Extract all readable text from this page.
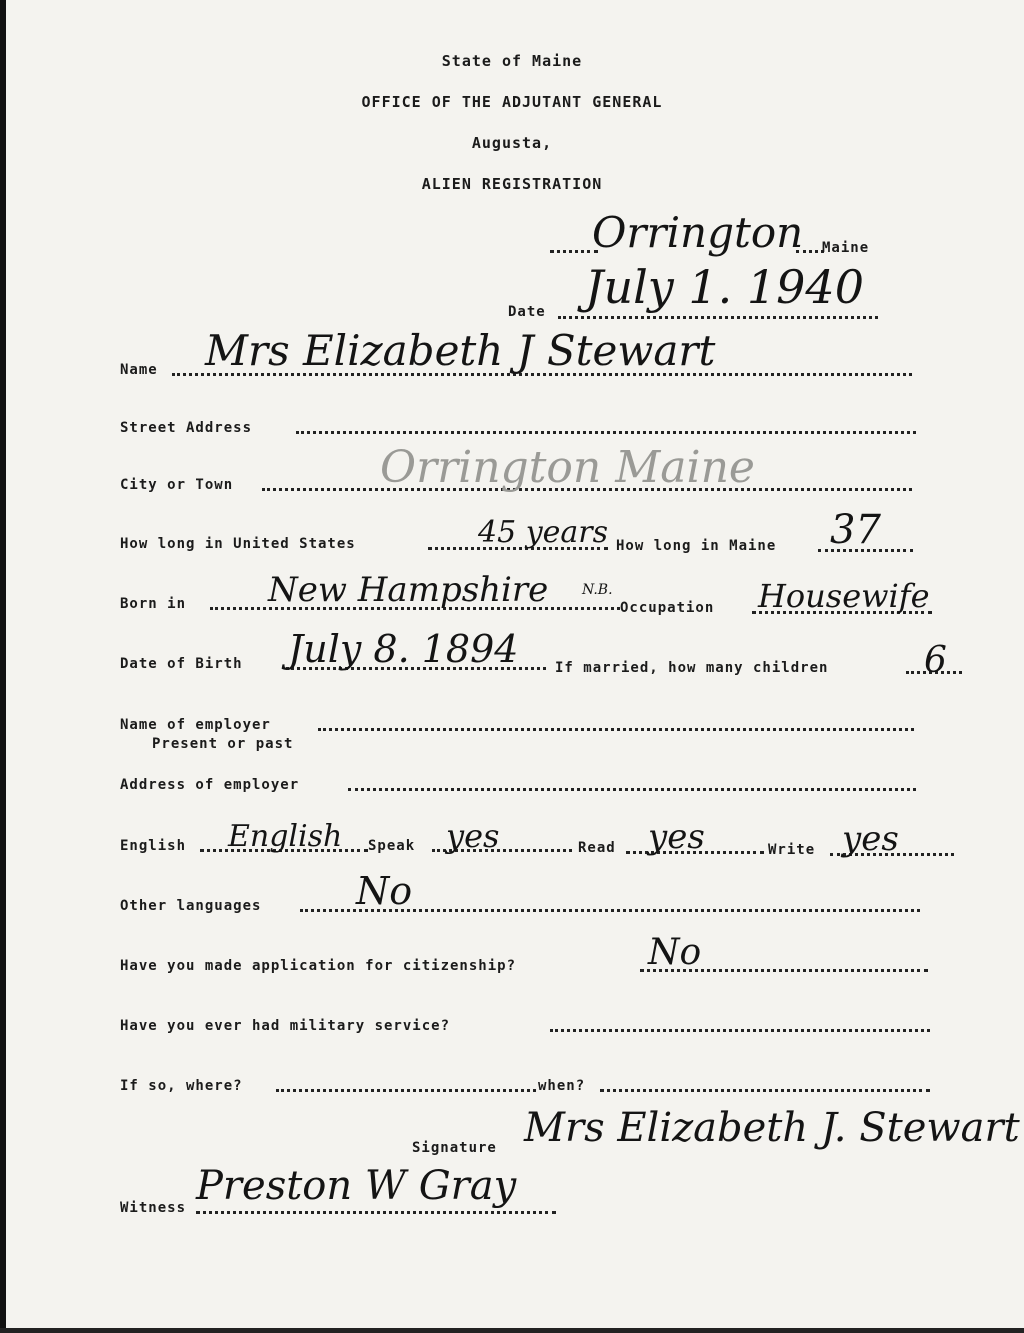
State of Maine
OFFICE OF THE ADJUTANT GENERAL
Augusta,
ALIEN REGISTRATION
Orrington Maine
Date July 1. 1940
Name Mrs Elizabeth J Stewart
Street Address
City or Town	Orrington Maine
How long in United States	45 years How long in Maine 37
Born in New Hampshire N.B.
Occupation Housewife
Date of Birth July 8. 1894	If married, how many children	6
Name of employer
Present or past
Address of employer
English English Speak yes	Read yes	Write yes
Other languages No
Have you made application for citizenship?	No
Have you ever had military service?
If so, where?	when?
Signature Mrs Elizabeth J. Stewart
Witness Preston W Gray
